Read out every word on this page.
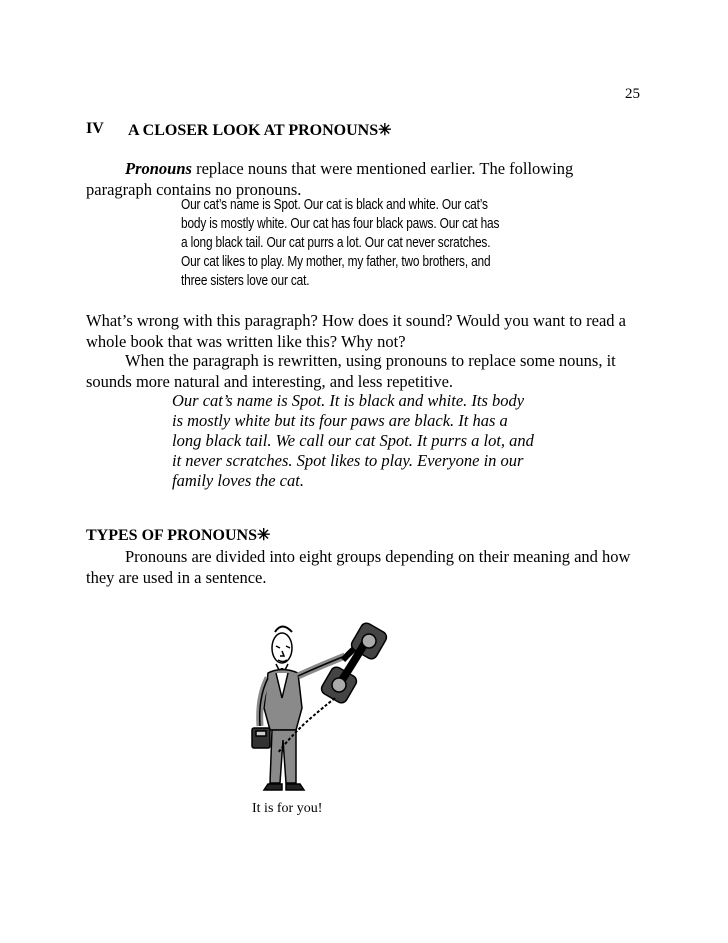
25
IV A CLOSER LOOK AT PRONOUNS✳
Pronouns replace nouns that were mentioned earlier. The following
paragraph contains no pronouns.
Our cat’s name is Spot. Our cat is black and white. Our cat’s
body is mostly white. Our cat has four black paws. Our cat has
a long black tail. Our cat purrs a lot. Our cat never scratches.
Our cat likes to play. My mother, my father, two brothers, and
three sisters love our cat.
What’s wrong with this paragraph? How does it sound? Would you want to read a
whole book that was written like this? Why not?
When the paragraph is rewritten, using pronouns to replace some nouns, it
sounds more natural and interesting, and less repetitive.
Our cat’s name is Spot. It is black and white. Its body
is mostly white but its four paws are black. It has a
long black tail. We call our cat Spot. It purrs a lot, and
it never scratches. Spot likes to play. Everyone in our
family loves the cat.
TYPES OF PRONOUNS✳
Pronouns are divided into eight groups depending on their meaning and how
they are used in a sentence.
It is for you!
